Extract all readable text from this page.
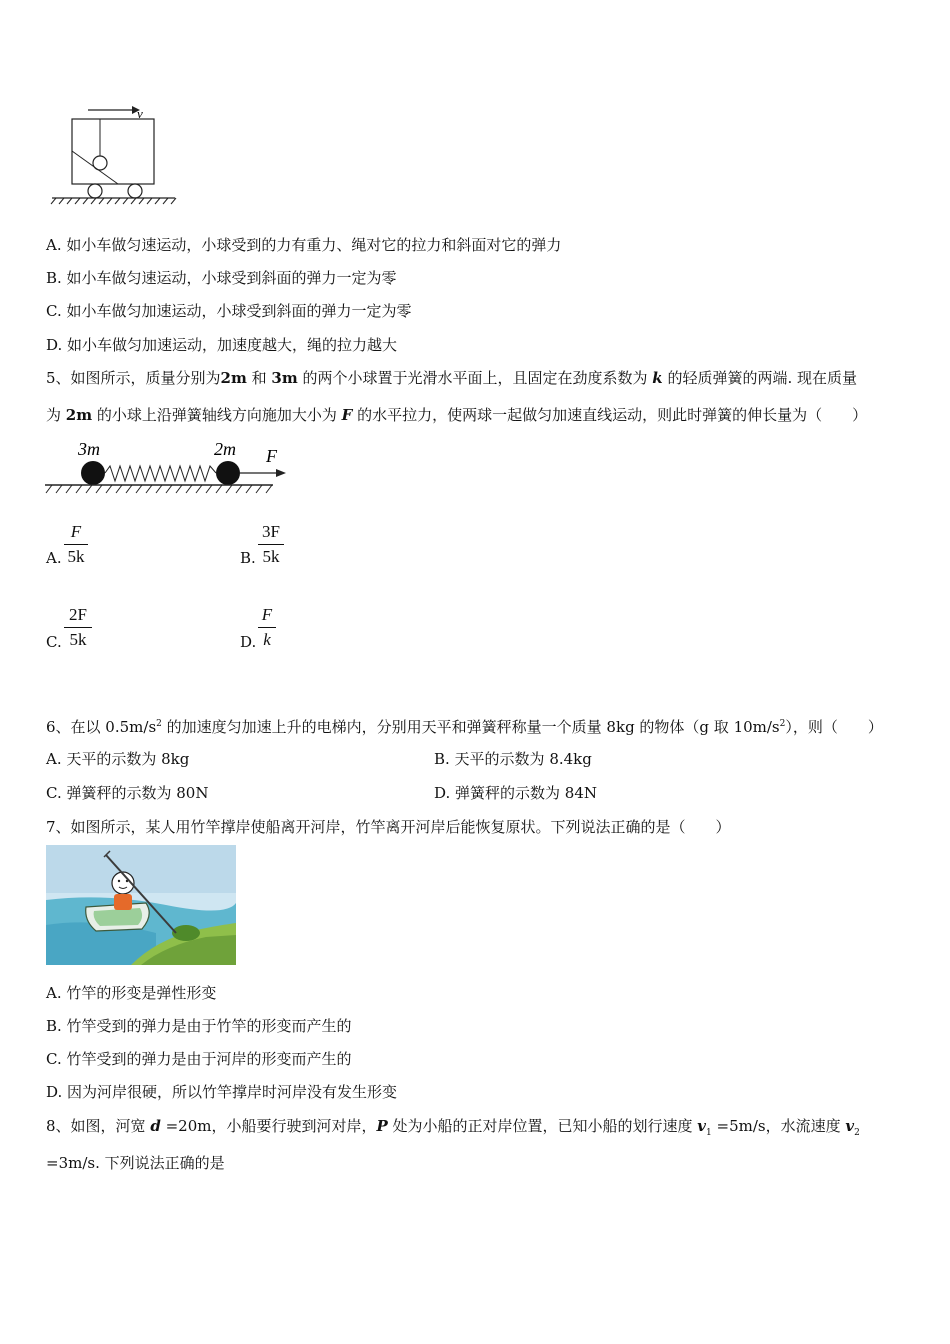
v
A. 如小车做匀速运动，小球受到的力有重力、绳对它的拉力和斜面对它的弹力
B. 如小车做匀速运动，小球受到斜面的弹力一定为零
C. 如小车做匀加速运动，小球受到斜面的弹力一定为零
D. 如小车做匀加速运动，加速度越大，绳的拉力越大
5、如图所示，质量分别为2m 和 3m 的两个小球置于光滑水平面上，且固定在劲度系数为 k 的轻质弹簧的两端. 现在质量
为 2m 的小球上沿弹簧轴线方向施加大小为 F 的水平拉力，使两球一起做匀加速直线运动，则此时弹簧的伸长量为（　　）
3m	2m F
A. $\frac{F}{5k}$	B. $\frac{3F}{5k}$
C. $\frac{2F}{5k}$	D. $\frac{F}{k}$
6、在以 $0.5m/s^2$ 的加速度匀加速上升的电梯内，分别用天平和弹簧秤称量一个质量 8kg 的物体（g 取 $10m/s^2$），则（　　）
A. 天平的示数为 8kg	B. 天平的示数为 8.4kg
C. 弹簧秤的示数为 80N	D. 弹簧秤的示数为 84N
7、如图所示，某人用竹竿撑岸使船离开河岸，竹竿离开河岸后能恢复原状。下列说法正确的是（　　）
A. 竹竿的形变是弹性形变
B. 竹竿受到的弹力是由于竹竿的形变而产生的
C. 竹竿受到的弹力是由于河岸的形变而产生的
D. 因为河岸很硬，所以竹竿撑岸时河岸没有发生形变
8、如图，河宽 d =20m，小船要行驶到河对岸，P 处为小船的正对岸位置，已知小船的划行速度 $v_1 =5m/s$，水流速度 $v_2$
=3m/s. 下列说法正确的是
